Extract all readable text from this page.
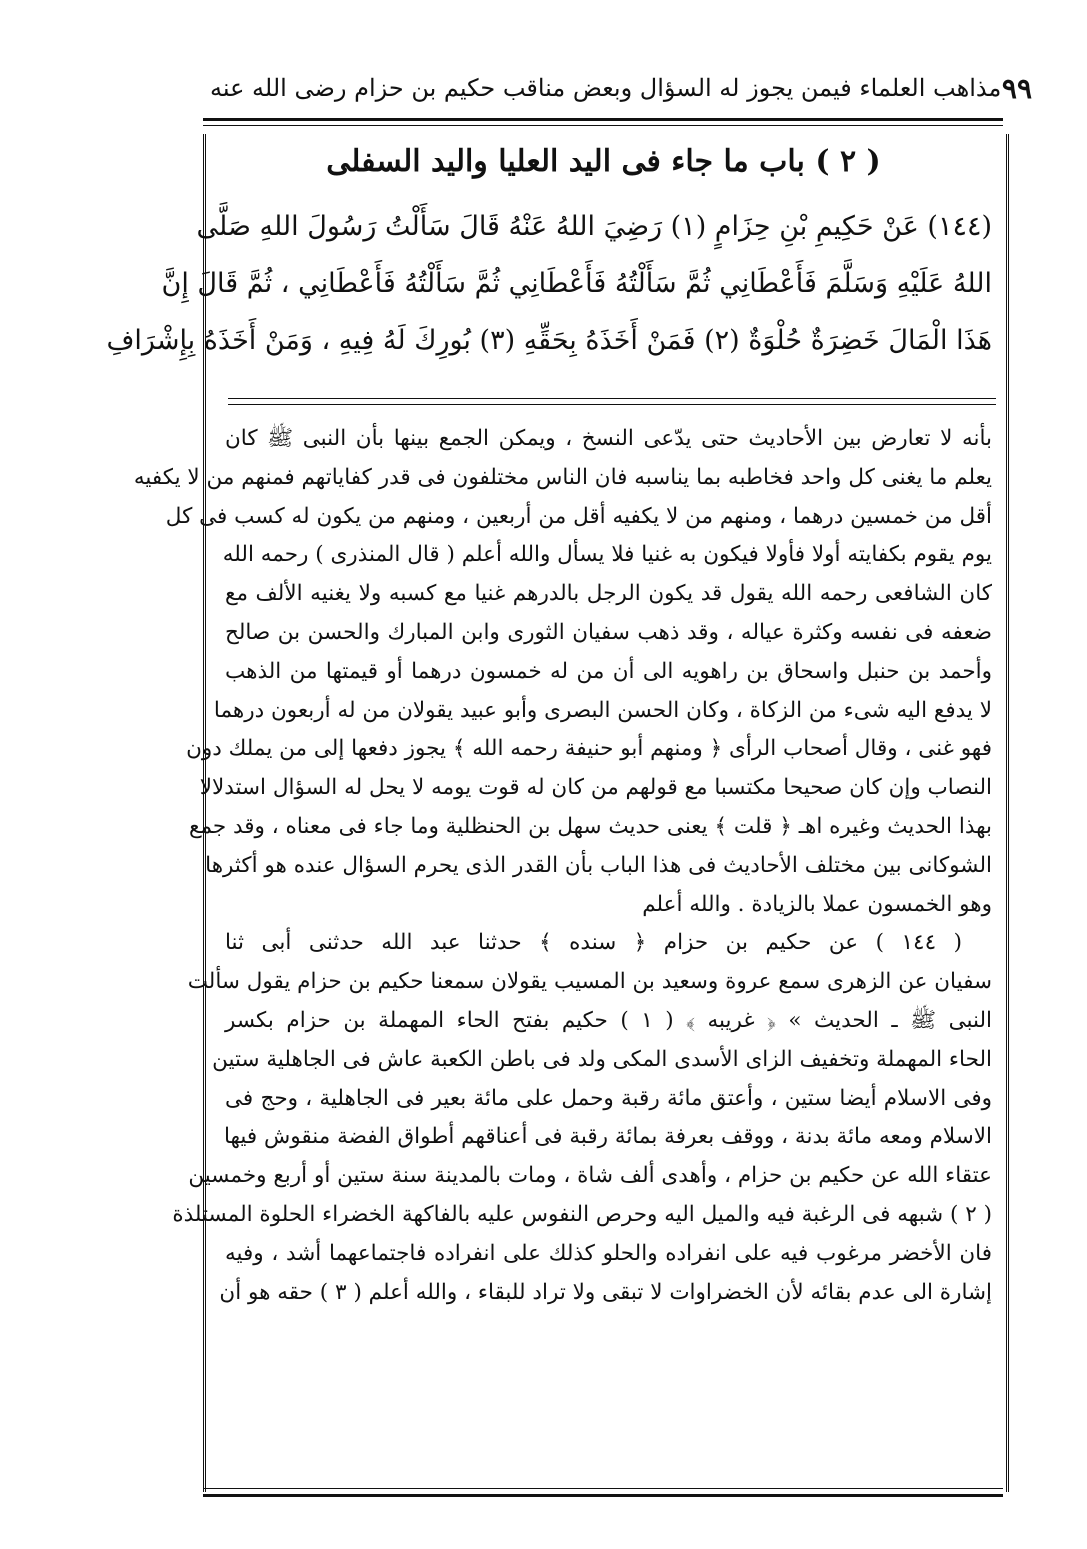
مذاهب العلماء فيمن يجوز له السؤال وبعض مناقب حكيم بن حزام رضى الله عنه ٩٩
( ٢ ) باب ما جاء فى اليد العليا واليد السفلى
(١٤٤) عَنْ حَكِيمِ بْنِ حِزَامٍ (١) رَضِيَ اللهُ عَنْهُ قَالَ سَأَلْتُ رَسُولَ اللهِ صَلَّى
اللهُ عَلَيْهِ وَسَلَّمَ فَأَعْطَانِي ثُمَّ سَأَلْتُهُ فَأَعْطَانِي ثُمَّ سَأَلْتُهُ فَأَعْطَانِي ، ثُمَّ قَالَ إِنَّ
هَذَا الْمَالَ خَضِرَةٌ حُلْوَةٌ (٢) فَمَنْ أَخَذَهُ بِحَقِّهِ (٣) بُورِكَ لَهُ فِيهِ ، وَمَنْ أَخَذَهُ بِإِشْرَافِ
بأنه لا تعارض بين الأحاديث حتى يدّعى النسخ ، ويمكن الجمع بينها بأن النبى ﷺ كان
يعلم ما يغنى كل واحد فخاطبه بما يناسبه فان الناس مختلفون فى قدر كفاياتهم فمنهم من لا يكفيه
أقل من خمسين درهما ، ومنهم من لا يكفيه أقل من أربعين ، ومنهم من يكون له كسب فى كل
يوم يقوم بكفايته أولا فأولا فيكون به غنيا فلا يسأل والله أعلم ( قال المنذرى ) رحمه الله
كان الشافعى رحمه الله يقول قد يكون الرجل بالدرهم غنيا مع كسبه ولا يغنيه الألف مع
ضعفه فى نفسه وكثرة عياله ، وقد ذهب سفيان الثورى وابن المبارك والحسن بن صالح
وأحمد بن حنبل واسحاق بن راهويه الى أن من له خمسون درهما أو قيمتها من الذهب
لا يدفع اليه شىء من الزكاة ، وكان الحسن البصرى وأبو عبيد يقولان من له أربعون درهما
فهو غنى ، وقال أصحاب الرأى ﴿ ومنهم أبو حنيفة رحمه الله ﴾ يجوز دفعها إلى من يملك دون
النصاب وإن كان صحيحا مكتسبا مع قولهم من كان له قوت يومه لا يحل له السؤال استدلالا
بهذا الحديث وغيره اهـ ﴿ قلت ﴾ يعنى حديث سهل بن الحنظلية وما جاء فى معناه ، وقد جمع
الشوكانى بين مختلف الأحاديث فى هذا الباب بأن القدر الذى يحرم السؤال عنده هو أكثرها
وهو الخمسون عملا بالزيادة . والله أعلم
( ١٤٤ ) عن حكيم بن حزام ﴿ سنده ﴾ حدثنا عبد الله حدثنى أبى ثنا
سفيان عن الزهرى سمع عروة وسعيد بن المسيب يقولان سمعنا حكيم بن حزام يقول سألت
النبى ﷺ ـ الحديث » ﴿ غريبه ﴾ ( ١ ) حكيم بفتح الحاء المهملة بن حزام بكسر
الحاء المهملة وتخفيف الزاى الأسدى المكى ولد فى باطن الكعبة عاش فى الجاهلية ستين
وفى الاسلام أيضا ستين ، وأعتق مائة رقبة وحمل على مائة بعير فى الجاهلية ، وحج فى
الاسلام ومعه مائة بدنة ، ووقف بعرفة بمائة رقبة فى أعناقهم أطواق الفضة منقوش فيها
عتقاء الله عن حكيم بن حزام ، وأهدى ألف شاة ، ومات بالمدينة سنة ستين أو أربع وخمسين
( ٢ ) شبهه فى الرغبة فيه والميل اليه وحرص النفوس عليه بالفاكهة الخضراء الحلوة المستلذة
فان الأخضر مرغوب فيه على انفراده والحلو كذلك على انفراده فاجتماعهما أشد ، وفيه
إشارة الى عدم بقائه لأن الخضراوات لا تبقى ولا تراد للبقاء ، والله أعلم ( ٣ ) حقه هو أن
